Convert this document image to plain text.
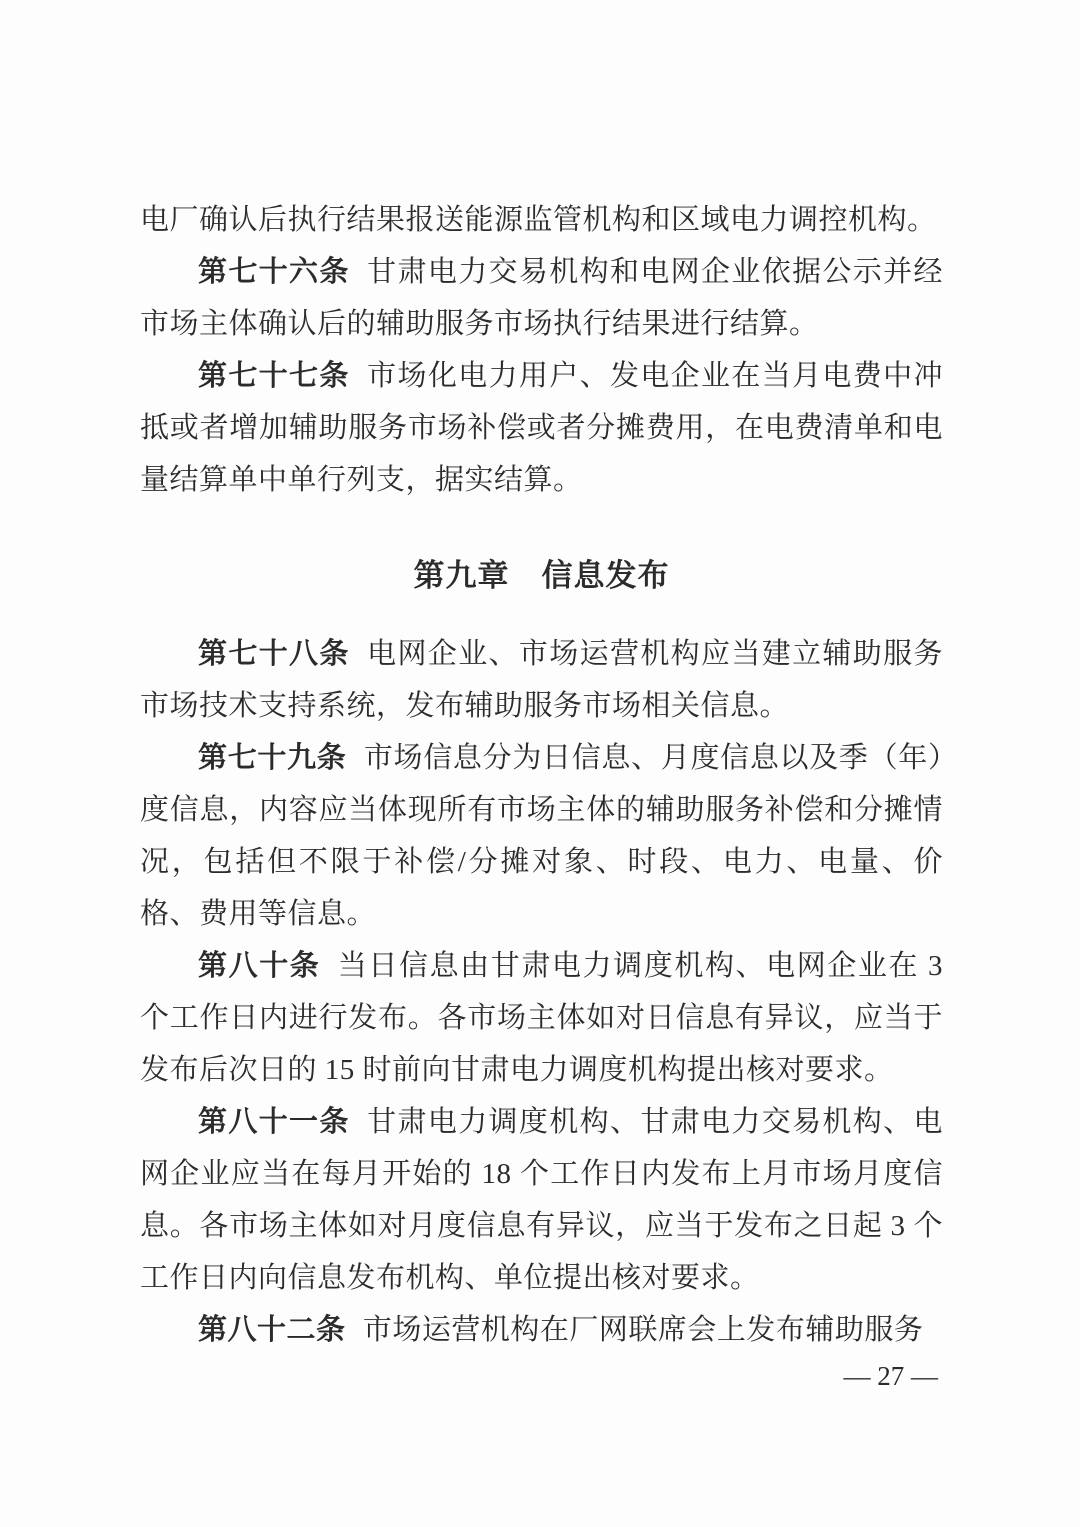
电厂确认后执行结果报送能源监管机构和区域电力调控机构。

第七十六条 甘肃电力交易机构和电网企业依据公示并经市场主体确认后的辅助服务市场执行结果进行结算。

第七十七条 市场化电力用户、发电企业在当月电费中冲抵或者增加辅助服务市场补偿或者分摊费用，在电费清单和电量结算单中单行列支，据实结算。

第九章　信息发布

第七十八条 电网企业、市场运营机构应当建立辅助服务市场技术支持系统，发布辅助服务市场相关信息。

第七十九条 市场信息分为日信息、月度信息以及季（年）度信息，内容应当体现所有市场主体的辅助服务补偿和分摊情况，包括但不限于补偿/分摊对象、时段、电力、电量、价格、费用等信息。

第八十条 当日信息由甘肃电力调度机构、电网企业在 3 个工作日内进行发布。各市场主体如对日信息有异议，应当于发布后次日的 15 时前向甘肃电力调度机构提出核对要求。

第八十一条 甘肃电力调度机构、甘肃电力交易机构、电网企业应当在每月开始的 18 个工作日内发布上月市场月度信息。各市场主体如对月度信息有异议，应当于发布之日起 3 个工作日内向信息发布机构、单位提出核对要求。

第八十二条 市场运营机构在厂网联席会上发布辅助服务

— 27 —
